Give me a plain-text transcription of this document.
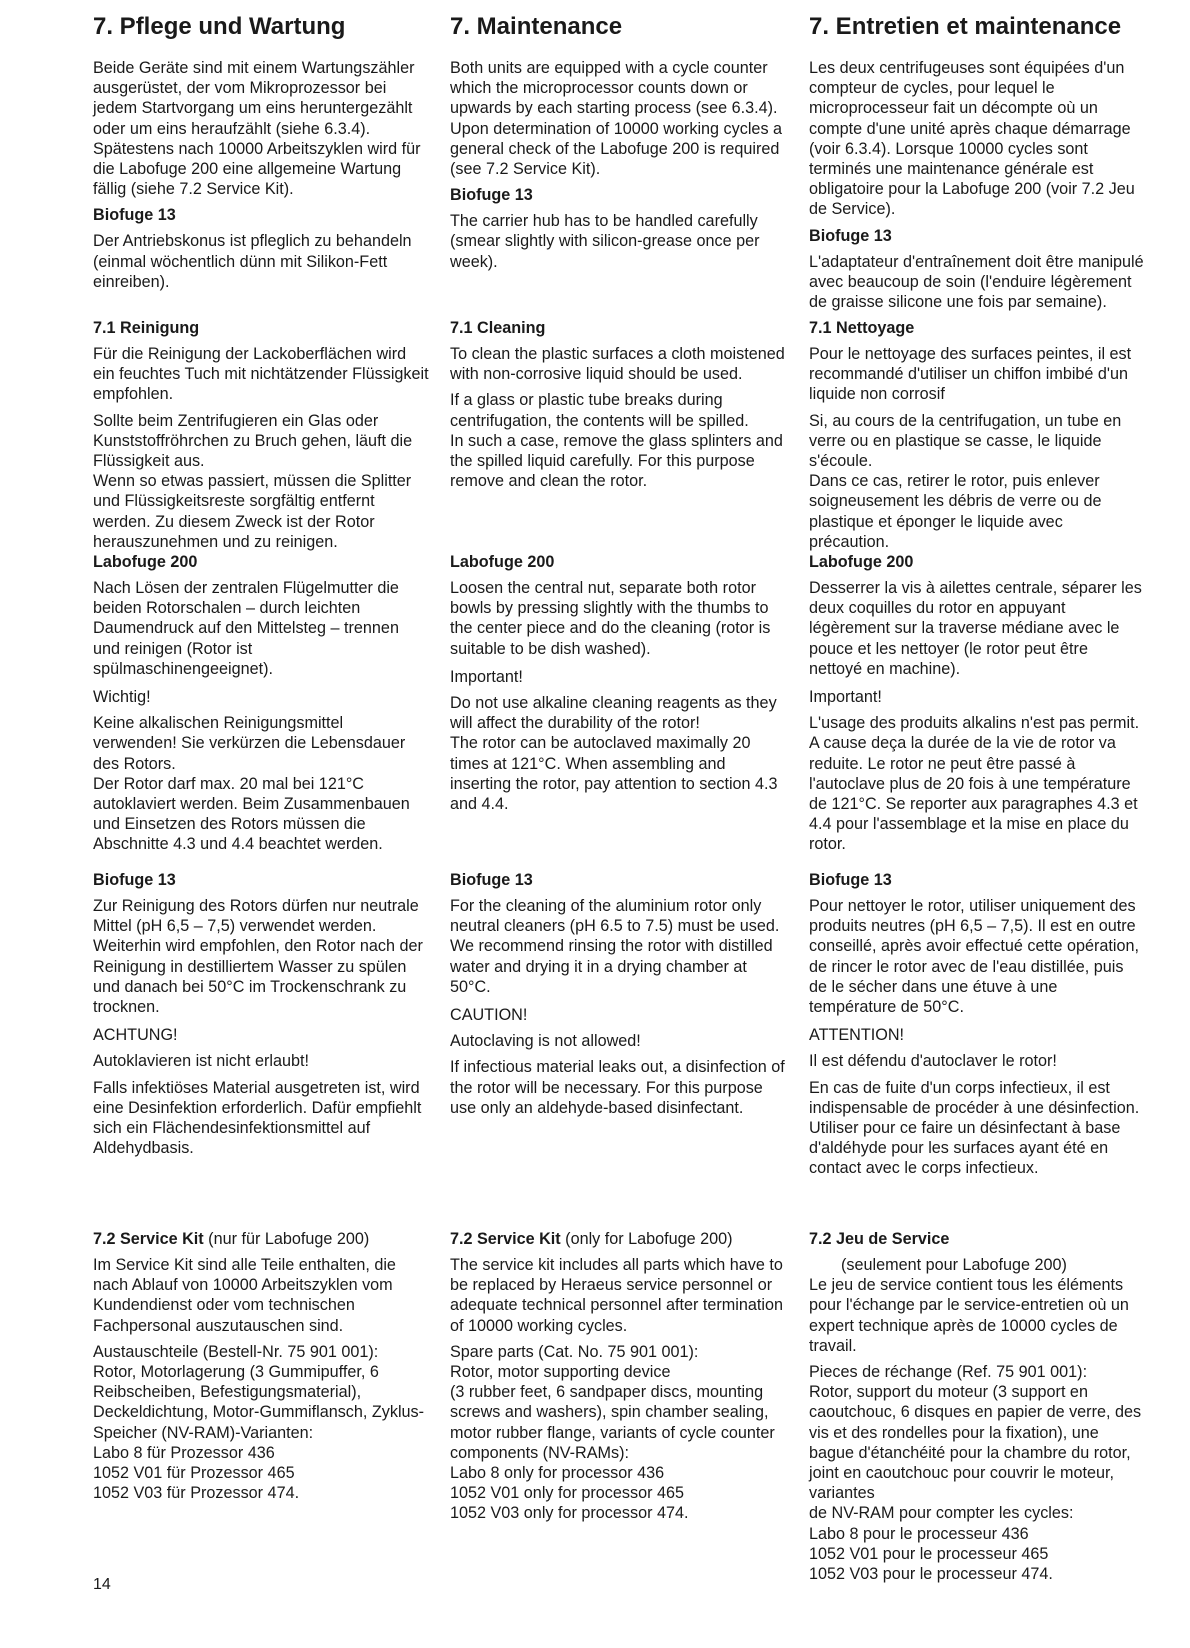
7. Pflege und Wartung

Beide Geräte sind mit einem Wartungszähler ausgerüstet, der vom Mikroprozessor bei jedem Startvorgang um eins heruntergezählt oder um eins heraufzählt (siehe 6.3.4).
Spätestens nach 10000 Arbeitszyklen wird für die Labofuge 200 eine allgemeine Wartung fällig (siehe 7.2 Service Kit).

Biofuge 13

Der Antriebskonus ist pfleglich zu behandeln (einmal wöchentlich dünn mit Silikon-Fett einreiben).

7.1 Reinigung

Für die Reinigung der Lackoberflächen wird ein feuchtes Tuch mit nichtätzender Flüssigkeit empfohlen.

Sollte beim Zentrifugieren ein Glas oder Kunststoffröhrchen zu Bruch gehen, läuft die Flüssigkeit aus.
Wenn so etwas passiert, müssen die Splitter und Flüssigkeitsreste sorgfältig entfernt werden. Zu diesem Zweck ist der Rotor herauszunehmen und zu reinigen.

Labofuge 200

Nach Lösen der zentralen Flügelmutter die beiden Rotorschalen – durch leichten Daumendruck auf den Mittelsteg – trennen und reinigen (Rotor ist spülmaschinengeeignet).

Wichtig!

Keine alkalischen Reinigungsmittel verwenden! Sie verkürzen die Lebensdauer des Rotors.
Der Rotor darf max. 20 mal bei 121°C autoklaviert werden. Beim Zusammenbauen und Einsetzen des Rotors müssen die Abschnitte 4.3 und 4.4 beachtet werden.

Biofuge 13

Zur Reinigung des Rotors dürfen nur neutrale Mittel (pH 6,5 – 7,5) verwendet werden. Weiterhin wird empfohlen, den Rotor nach der Reinigung in destilliertem Wasser zu spülen und danach bei 50°C im Trockenschrank zu trocknen.

ACHTUNG!

Autoklavieren ist nicht erlaubt!

Falls infektiöses Material ausgetreten ist, wird eine Desinfektion erforderlich. Dafür empfiehlt sich ein Flächendesinfektionsmittel auf Aldehydbasis.

7.2 Service Kit (nur für Labofuge 200)

Im Service Kit sind alle Teile enthalten, die nach Ablauf von 10000 Arbeitszyklen vom Kundendienst oder vom technischen Fachpersonal auszutauschen sind.

Austauschteile (Bestell-Nr. 75 901 001):
Rotor, Motorlagerung (3 Gummipuffer, 6 Reibscheiben, Befestigungsmaterial), Deckeldichtung, Motor-Gummiflansch, Zyklus-Speicher (NV-RAM)-Varianten:
Labo 8 für Prozessor 436
1052 V01 für Prozessor 465
1052 V03 für Prozessor 474.

7. Maintenance

Both units are equipped with a cycle counter which the microprocessor counts down or upwards by each starting process (see 6.3.4). Upon determination of 10000 working cycles a general check of the Labofuge 200 is required
(see 7.2 Service Kit).

Biofuge 13

The carrier hub has to be handled carefully (smear slightly with silicon-grease once per week).

7.1 Cleaning

To clean the plastic surfaces a cloth moistened with non-corrosive liquid should be used.

If a glass or plastic tube breaks during centrifugation, the contents will be spilled.
In such a case, remove the glass splinters and the spilled liquid carefully. For this purpose remove and clean the rotor.

Labofuge 200

Loosen the central nut, separate both rotor bowls by pressing slightly with the thumbs to the center piece and do the cleaning (rotor is suitable to be dish washed).

Important!

Do not use alkaline cleaning reagents as they will affect the durability of the rotor!
The rotor can be autoclaved maximally 20 times at 121°C. When assembling and inserting the rotor, pay attention to section 4.3 and 4.4.

Biofuge 13

For the cleaning of the aluminium rotor only neutral cleaners (pH 6.5 to 7.5) must be used.
We recommend rinsing the rotor with distilled water and drying it in a drying chamber at 50°C.

CAUTION!

Autoclaving is not allowed!

If infectious material leaks out, a disinfection of the rotor will be necessary. For this purpose use only an aldehyde-based disinfectant.

7.2 Service Kit (only for Labofuge 200)

The service kit includes all parts which have to be replaced by Heraeus service personnel or adequate technical personnel after termination of 10000 working cycles.

Spare parts (Cat. No. 75 901 001):
Rotor, motor supporting device
(3 rubber feet, 6 sandpaper discs, mounting screws and washers), spin chamber sealing, motor rubber flange, variants of cycle counter components (NV-RAMs):
Labo 8 only for processor 436
1052 V01 only for processor 465
1052 V03 only for processor 474.

7. Entretien et maintenance

Les deux centrifugeuses sont équipées d'un compteur de cycles, pour lequel le microprocesseur fait un décompte où un compte d'une unité après chaque démarrage (voir 6.3.4). Lorsque 10000 cycles sont terminés une maintenance générale est obligatoire pour la Labofuge 200 (voir 7.2 Jeu de Service).

Biofuge 13

L'adaptateur d'entraînement doit être manipulé avec beaucoup de soin (l'enduire légèrement de graisse silicone une fois par semaine).

7.1 Nettoyage

Pour le nettoyage des surfaces peintes, il est recommandé d'utiliser un chiffon imbibé d'un liquide non corrosif

Si, au cours de la centrifugation, un tube en verre ou en plastique se casse, le liquide s'écoule.
Dans ce cas, retirer le rotor, puis enlever soigneusement les débris de verre ou de plastique et éponger le liquide avec précaution.

Labofuge 200

Desserrer la vis à ailettes centrale, séparer les deux coquilles du rotor en appuyant légèrement sur la traverse médiane avec le pouce et les nettoyer (le rotor peut être nettoyé en machine).

Important!

L'usage des produits alkalins n'est pas permit. A cause deça la durée de la vie de rotor va reduite. Le rotor ne peut être passé à l'autoclave plus de 20 fois à une température de 121°C. Se reporter aux paragraphes 4.3 et 4.4 pour l'assemblage et la mise en place du rotor.

Biofuge 13

Pour nettoyer le rotor, utiliser uniquement des produits neutres (pH 6,5 – 7,5). Il est en outre conseillé, après avoir effectué cette opération, de rincer le rotor avec de l'eau distillée, puis de le sécher dans une étuve à une température de 50°C.

ATTENTION!

Il est défendu d'autoclaver le rotor!

En cas de fuite d'un corps infectieux, il est indispensable de procéder à une désinfection. Utiliser pour ce faire un désinfectant à base d'aldéhyde pour les surfaces ayant été en contact avec le corps infectieux.

7.2 Jeu de Service
(seulement pour Labofuge 200)

Le jeu de service contient tous les éléments pour l'échange par le service-entretien où un expert technique après de 10000 cycles de travail.

Pieces de réchange (Ref. 75 901 001):
Rotor, support du moteur (3 support en caoutchouc, 6 disques en papier de verre, des vis et des rondelles pour la fixation), une bague d'étanchéité pour la chambre du rotor, joint en caoutchouc pour couvrir le moteur, variantes
de NV-RAM pour compter les cycles:
Labo 8 pour le processeur 436
1052 V01 pour le processeur 465
1052 V03 pour le processeur 474.

14
